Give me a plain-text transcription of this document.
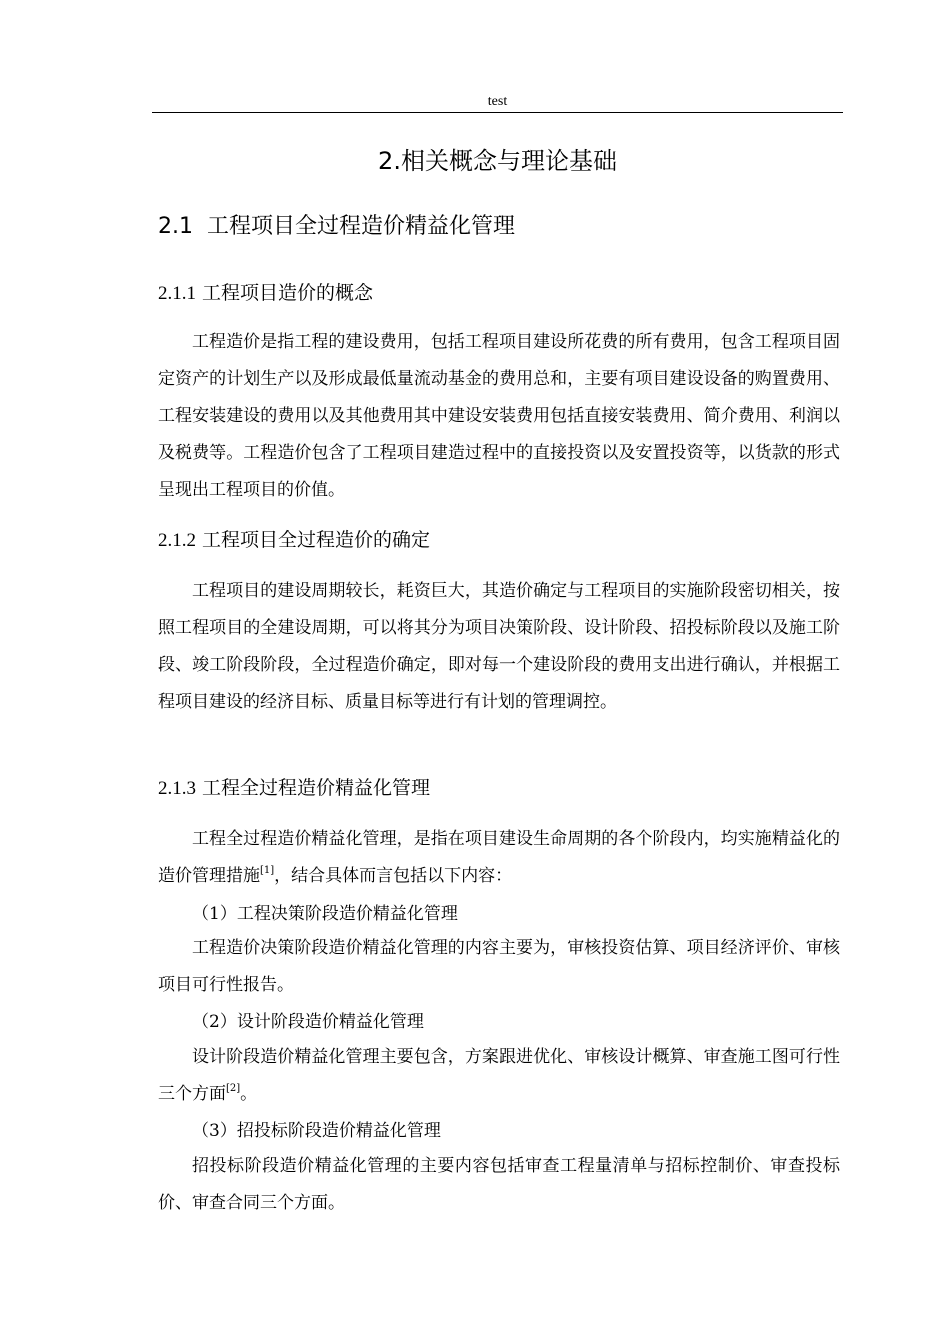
test
2.相关概念与理论基础
2.1  工程项目全过程造价精益化管理
2.1.1 工程项目造价的概念
工程造价是指工程的建设费用，包括工程项目建设所花费的所有费用，包含工程项目固定资产的计划生产以及形成最低量流动基金的费用总和，主要有项目建设设备的购置费用、工程安装建设的费用以及其他费用其中建设安装费用包括直接安装费用、简介费用、利润以及税费等。工程造价包含了工程项目建造过程中的直接投资以及安置投资等，以货款的形式呈现出工程项目的价值。
2.1.2 工程项目全过程造价的确定
工程项目的建设周期较长，耗资巨大，其造价确定与工程项目的实施阶段密切相关，按照工程项目的全建设周期，可以将其分为项目决策阶段、设计阶段、招投标阶段以及施工阶段、竣工阶段阶段，全过程造价确定，即对每一个建设阶段的费用支出进行确认，并根据工程项目建设的经济目标、质量目标等进行有计划的管理调控。
2.1.3 工程全过程造价精益化管理
工程全过程造价精益化管理，是指在项目建设生命周期的各个阶段内，均实施精益化的造价管理措施[1]，结合具体而言包括以下内容：
（1）工程决策阶段造价精益化管理
工程造价决策阶段造价精益化管理的内容主要为，审核投资估算、项目经济评价、审核项目可行性报告。
（2）设计阶段造价精益化管理
设计阶段造价精益化管理主要包含，方案跟进优化、审核设计概算、审查施工图可行性三个方面[2]。
（3）招投标阶段造价精益化管理
招投标阶段造价精益化管理的主要内容包括审查工程量清单与招标控制价、审查投标价、审查合同三个方面。
